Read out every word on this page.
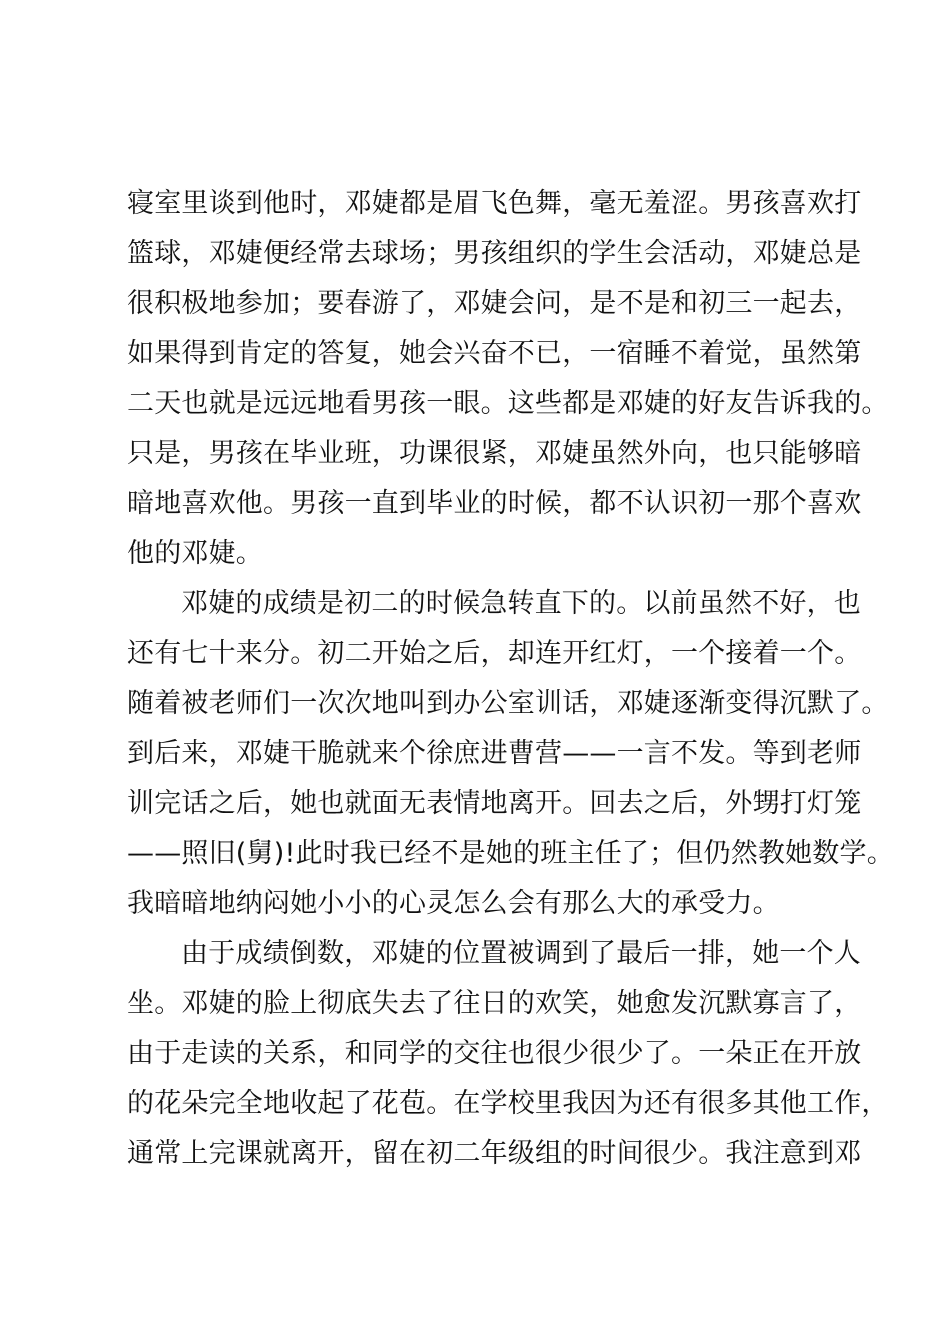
寝室里谈到他时，邓婕都是眉飞色舞，毫无羞涩。男孩喜欢打
篮球，邓婕便经常去球场；男孩组织的学生会活动，邓婕总是
很积极地参加；要春游了，邓婕会问，是不是和初三一起去，
如果得到肯定的答复，她会兴奋不已，一宿睡不着觉，虽然第
二天也就是远远地看男孩一眼。这些都是邓婕的好友告诉我的。
只是，男孩在毕业班，功课很紧，邓婕虽然外向，也只能够暗
暗地喜欢他。男孩一直到毕业的时候，都不认识初一那个喜欢
他的邓婕。
邓婕的成绩是初二的时候急转直下的。以前虽然不好，也
还有七十来分。初二开始之后，却连开红灯，一个接着一个。
随着被老师们一次次地叫到办公室训话，邓婕逐渐变得沉默了。
到后来，邓婕干脆就来个徐庶进曹营——一言不发。等到老师
训完话之后，她也就面无表情地离开。回去之后，外甥打灯笼
——照旧(舅)!此时我已经不是她的班主任了；但仍然教她数学。
我暗暗地纳闷她小小的心灵怎么会有那么大的承受力。
由于成绩倒数，邓婕的位置被调到了最后一排，她一个人
坐。邓婕的脸上彻底失去了往日的欢笑，她愈发沉默寡言了，
由于走读的关系，和同学的交往也很少很少了。一朵正在开放
的花朵完全地收起了花苞。在学校里我因为还有很多其他工作，
通常上完课就离开，留在初二年级组的时间很少。我注意到邓
